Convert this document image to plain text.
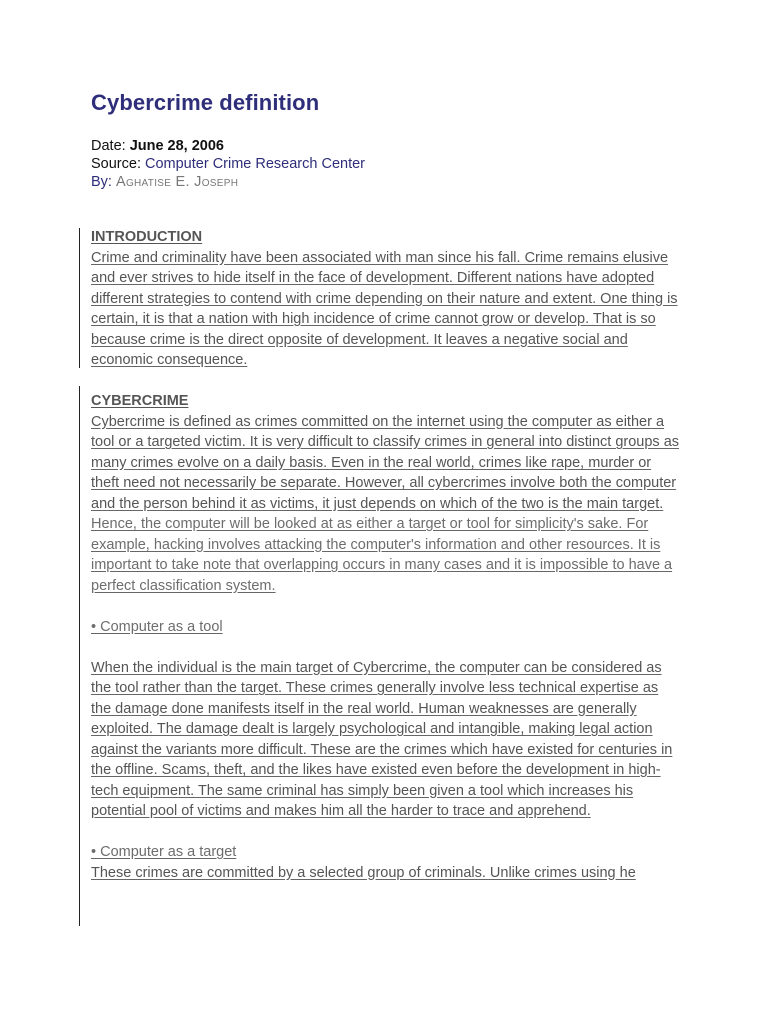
Cybercrime definition
Date: June 28, 2006
Source: Computer Crime Research Center
By: Aghatise E. Joseph

INTRODUCTION

Crime and criminality have been associated with man since his fall. Crime remains elusive and ever strives to hide itself in the face of development. Different nations have adopted different strategies to contend with crime depending on their nature and extent. One thing is certain, it is that a nation with high incidence of crime cannot grow or develop. That is so because crime is the direct opposite of development. It leaves a negative social and economic consequence.

CYBERCRIME

Cybercrime is defined as crimes committed on the internet using the computer as either a tool or a targeted victim. It is very difficult to classify crimes in general into distinct groups as many crimes evolve on a daily basis. Even in the real world, crimes like rape, murder or theft need not necessarily be separate. However, all cybercrimes involve both the computer and the person behind it as victims, it just depends on which of the two is the main target.

Hence, the computer will be looked at as either a target or tool for simplicity's sake. For example, hacking involves attacking the computer's information and other resources. It is important to take note that overlapping occurs in many cases and it is impossible to have a perfect classification system.

• Computer as a tool

When the individual is the main target of Cybercrime, the computer can be considered as the tool rather than the target. These crimes generally involve less technical expertise as the damage done manifests itself in the real world. Human weaknesses are generally exploited. The damage dealt is largely psychological and intangible, making legal action against the variants more difficult. These are the crimes which have existed for centuries in the offline. Scams, theft, and the likes have existed even before the development in high-tech equipment. The same criminal has simply been given a tool which increases his potential pool of victims and makes him all the harder to trace and apprehend.

• Computer as a target

These crimes are committed by a selected group of criminals. Unlike crimes using he
